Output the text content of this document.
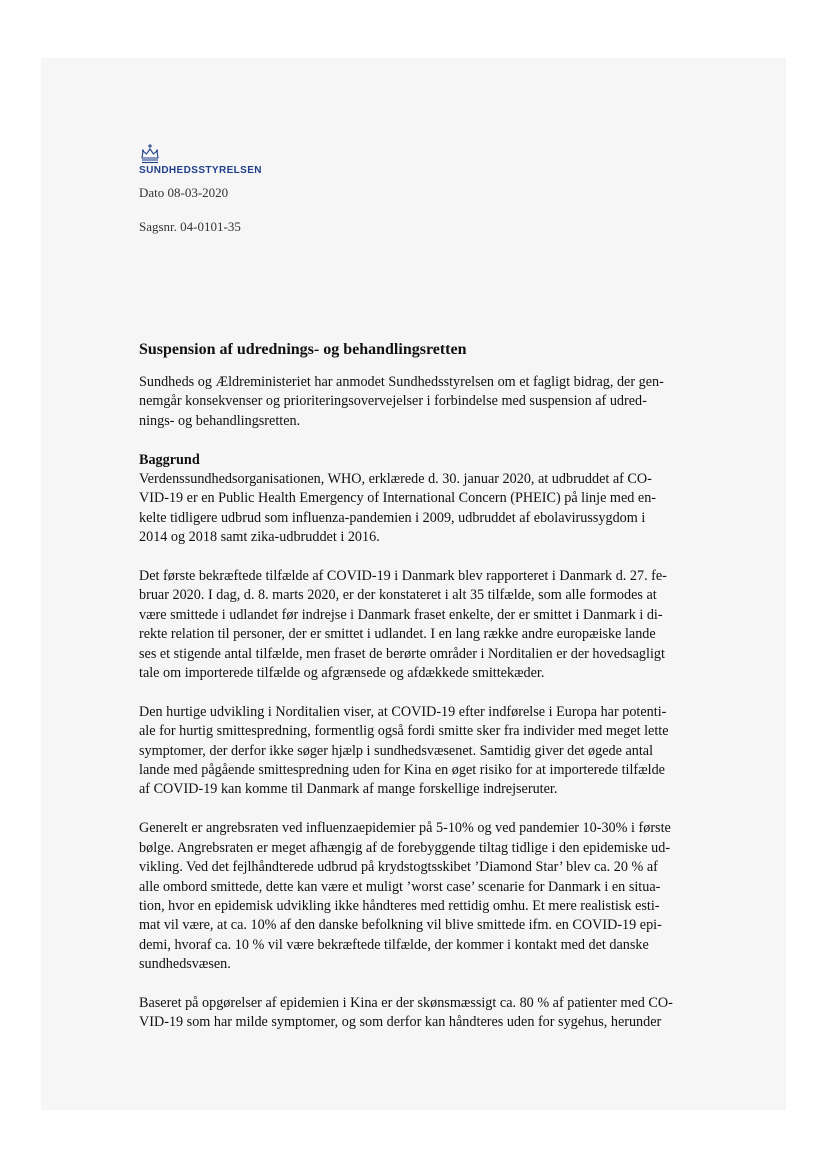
SUNDHEDSSTYRELSEN
Dato 08-03-2020
Sagsnr. 04-0101-35
Suspension af udrednings- og behandlingsretten

Sundheds og Ældreministeriet har anmodet Sundhedsstyrelsen om et fagligt bidrag, der gen-
nemgår konsekvenser og prioriteringsovervejelser i forbindelse med suspension af udred-
nings- og behandlingsretten.

Baggrund
Verdenssundhedsorganisationen, WHO, erklærede d. 30. januar 2020, at udbruddet af CO-
VID-19 er en Public Health Emergency of International Concern (PHEIC) på linje med en-
kelte tidligere udbrud som influenza-pandemien i 2009, udbruddet af ebolavirussygdom i
2014 og 2018 samt zika-udbruddet i 2016.

Det første bekræftede tilfælde af COVID-19 i Danmark blev rapporteret i Danmark d. 27. fe-
bruar 2020. I dag, d. 8. marts 2020, er der konstateret i alt 35 tilfælde, som alle formodes at
være smittede i udlandet før indrejse i Danmark fraset enkelte, der er smittet i Danmark i di-
rekte relation til personer, der er smittet i udlandet. I en lang række andre europæiske lande
ses et stigende antal tilfælde, men fraset de berørte områder i Norditalien er der hovedsagligt
tale om importerede tilfælde og afgrænsede og afdækkede smittekæder.

Den hurtige udvikling i Norditalien viser, at COVID-19 efter indførelse i Europa har potenti-
ale for hurtig smittespredning, formentlig også fordi smitte sker fra individer med meget lette
symptomer, der derfor ikke søger hjælp i sundhedsvæsenet. Samtidig giver det øgede antal
lande med pågående smittespredning uden for Kina en øget risiko for at importerede tilfælde
af COVID-19 kan komme til Danmark af mange forskellige indrejseruter.

Generelt er angrebsraten ved influenzaepidemier på 5-10% og ved pandemier 10-30% i første
bølge. Angrebsraten er meget afhængig af de forebyggende tiltag tidlige i den epidemiske ud-
vikling. Ved det fejlhåndterede udbrud på krydstogtsskibet ’Diamond Star’ blev ca. 20 % af
alle ombord smittede, dette kan være et muligt ’worst case’ scenarie for Danmark i en situa-
tion, hvor en epidemisk udvikling ikke håndteres med rettidig omhu. Et mere realistisk esti-
mat vil være, at ca. 10% af den danske befolkning vil blive smittede ifm. en COVID-19 epi-
demi, hvoraf ca. 10 % vil være bekræftede tilfælde, der kommer i kontakt med det danske
sundhedsvæsen.

Baseret på opgørelser af epidemien i Kina er der skønsmæssigt ca. 80 % af patienter med CO-
VID-19 som har milde symptomer, og som derfor kan håndteres uden for sygehus, herunder
